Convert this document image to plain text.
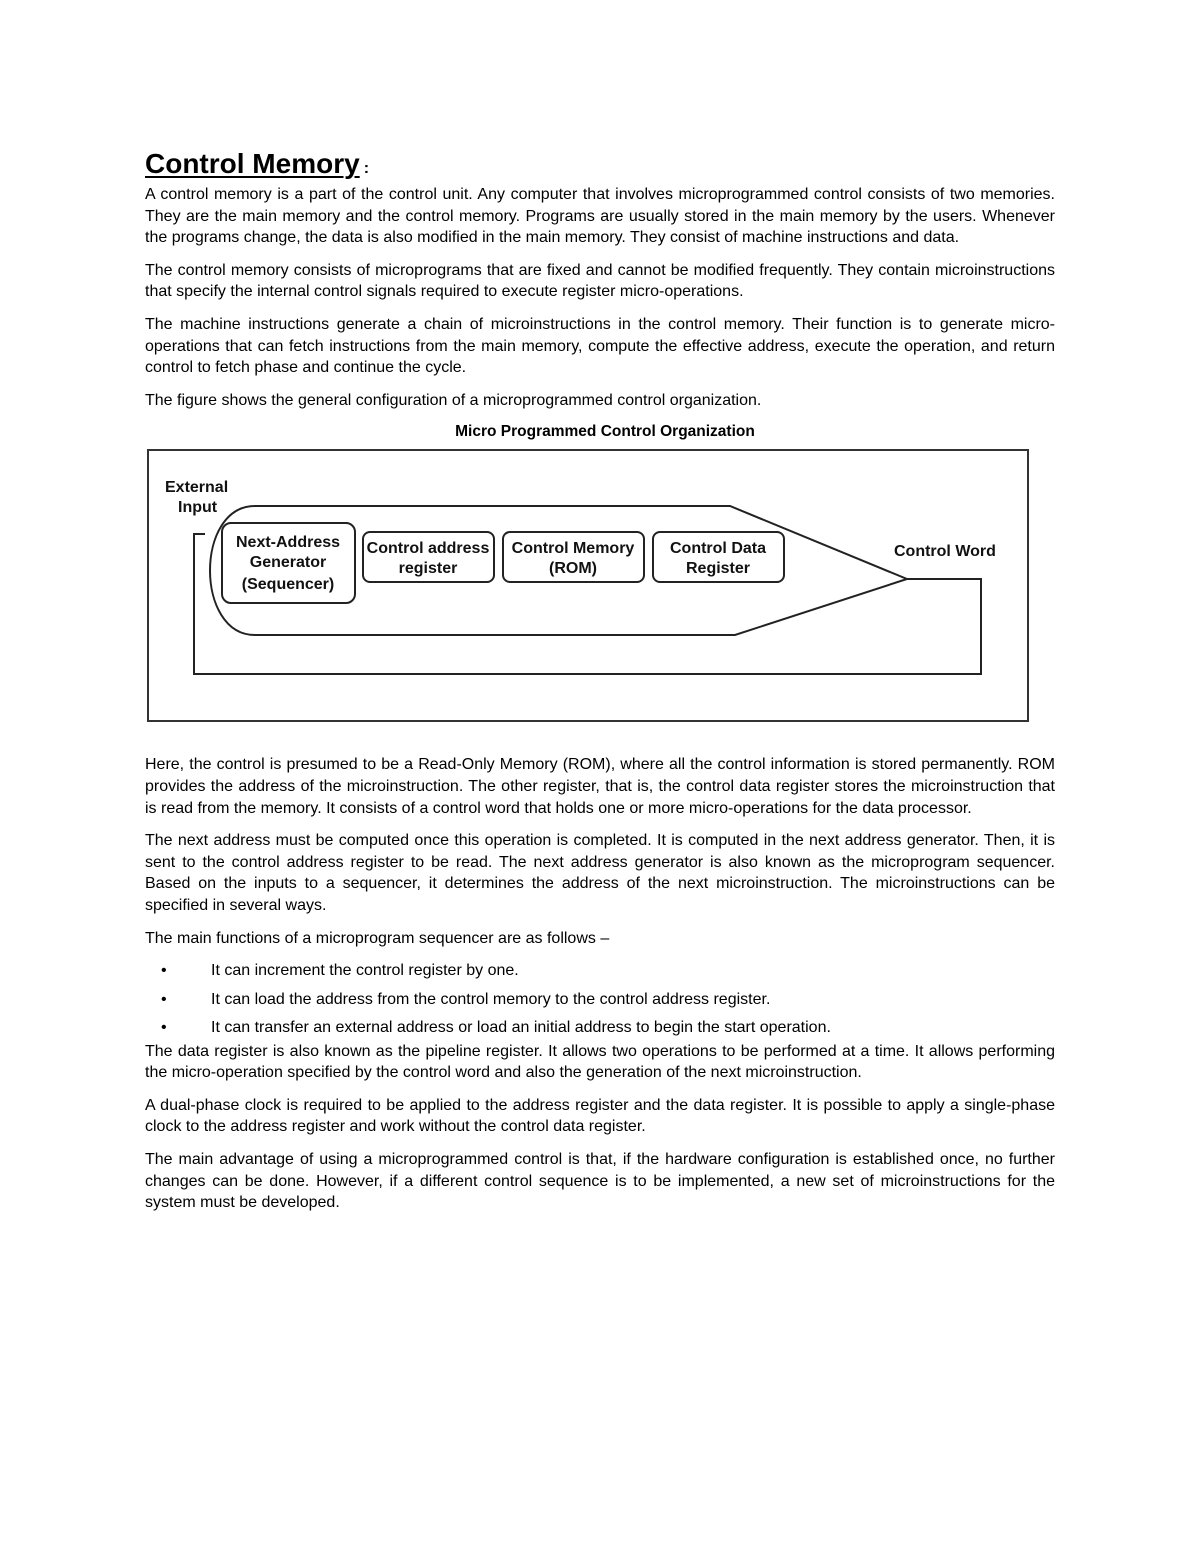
Control Memory :

A control memory is a part of the control unit. Any computer that involves microprogrammed control consists of two memories. They are the main memory and the control memory. Programs are usually stored in the main memory by the users. Whenever the programs change, the data is also modified in the main memory. They consist of machine instructions and data.

The control memory consists of microprograms that are fixed and cannot be modified frequently. They contain microinstructions that specify the internal control signals required to execute register micro-operations.

The machine instructions generate a chain of microinstructions in the control memory. Their function is to generate micro-operations that can fetch instructions from the main memory, compute the effective address, execute the operation, and return control to fetch phase and continue the cycle.

The figure shows the general configuration of a microprogrammed control organization.

Micro Programmed Control Organization
External
Input
Next-Address
Generator
(Sequencer)
Control address
register
Control Memory
(ROM)
Control Data
Register
Control Word

Here, the control is presumed to be a Read-Only Memory (ROM), where all the control information is stored permanently. ROM provides the address of the microinstruction. The other register, that is, the control data register stores the microinstruction that is read from the memory. It consists of a control word that holds one or more micro-operations for the data processor.

The next address must be computed once this operation is completed. It is computed in the next address generator. Then, it is sent to the control address register to be read. The next address generator is also known as the microprogram sequencer. Based on the inputs to a sequencer, it determines the address of the next microinstruction. The microinstructions can be specified in several ways.

The main functions of a microprogram sequencer are as follows –

•	It can increment the control register by one.
•	It can load the address from the control memory to the control address register.
•	It can transfer an external address or load an initial address to begin the start operation.

The data register is also known as the pipeline register. It allows two operations to be performed at a time. It allows performing the micro-operation specified by the control word and also the generation of the next microinstruction.

A dual-phase clock is required to be applied to the address register and the data register. It is possible to apply a single-phase clock to the address register and work without the control data register.

The main advantage of using a microprogrammed control is that, if the hardware configuration is established once, no further changes can be done. However, if a different control sequence is to be implemented, a new set of microinstructions for the system must be developed.
